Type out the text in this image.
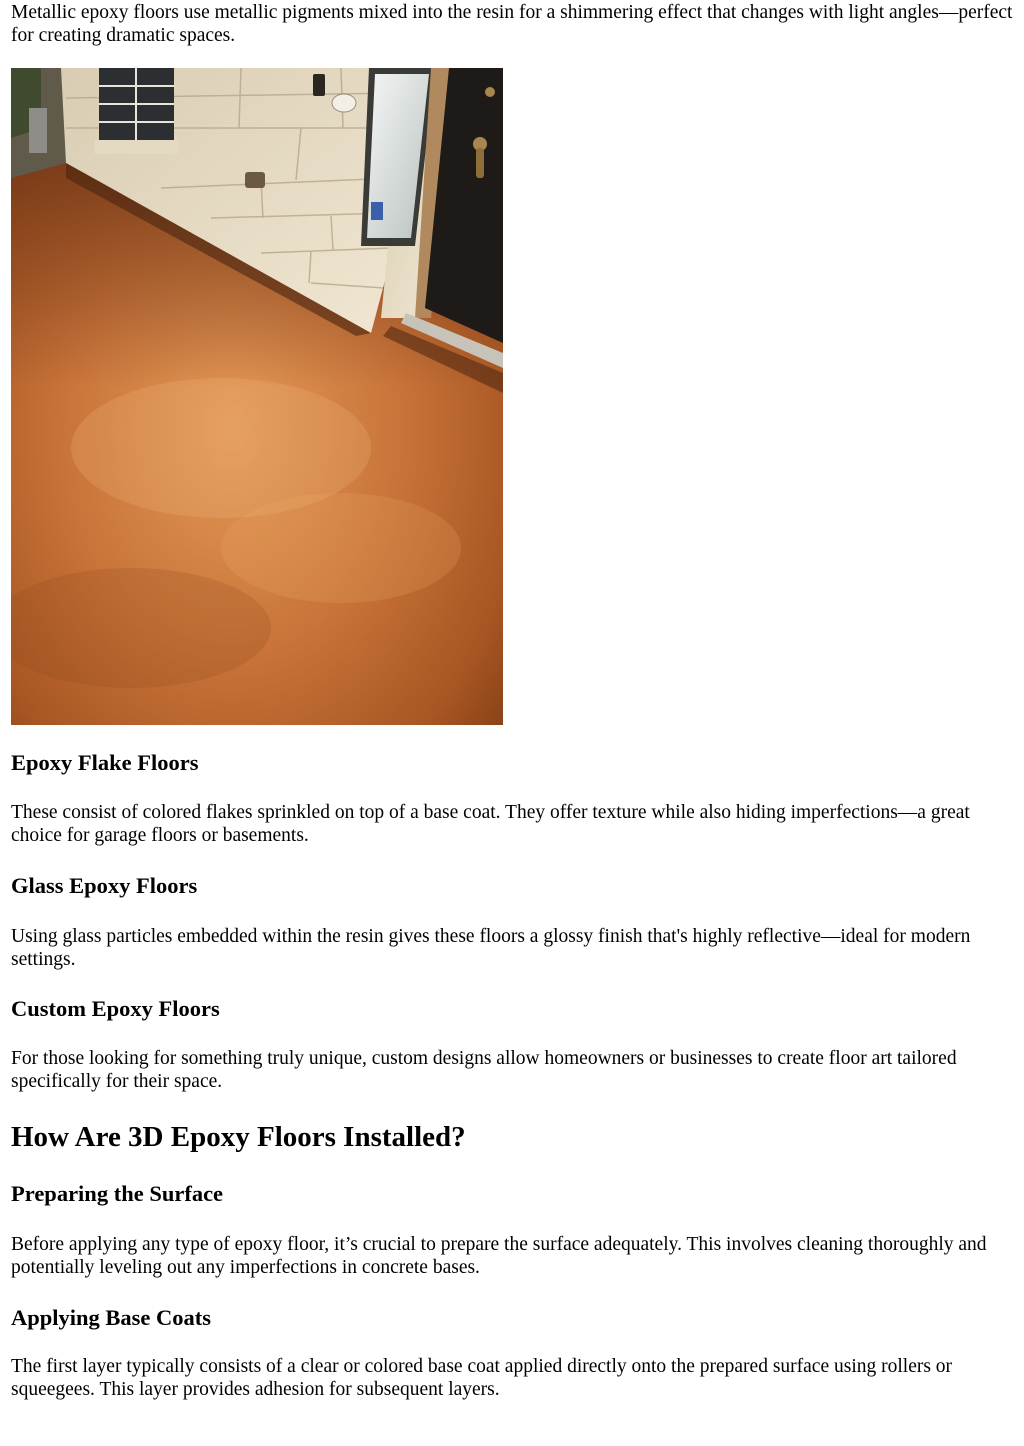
Metallic epoxy floors use metallic pigments mixed into the resin for a shimmering effect that changes with light angles—perfect for creating dramatic spaces.

Epoxy Flake Floors

These consist of colored flakes sprinkled on top of a base coat. They offer texture while also hiding imperfections—a great choice for garage floors or basements.

Glass Epoxy Floors

Using glass particles embedded within the resin gives these floors a glossy finish that's highly reflective—ideal for modern settings.

Custom Epoxy Floors

For those looking for something truly unique, custom designs allow homeowners or businesses to create floor art tailored specifically for their space.

How Are 3D Epoxy Floors Installed?
Preparing the Surface

Before applying any type of epoxy floor, it’s crucial to prepare the surface adequately. This involves cleaning thoroughly and potentially leveling out any imperfections in concrete bases.

Applying Base Coats

The first layer typically consists of a clear or colored base coat applied directly onto the prepared surface using rollers or squeegees. This layer provides adhesion for subsequent layers.
